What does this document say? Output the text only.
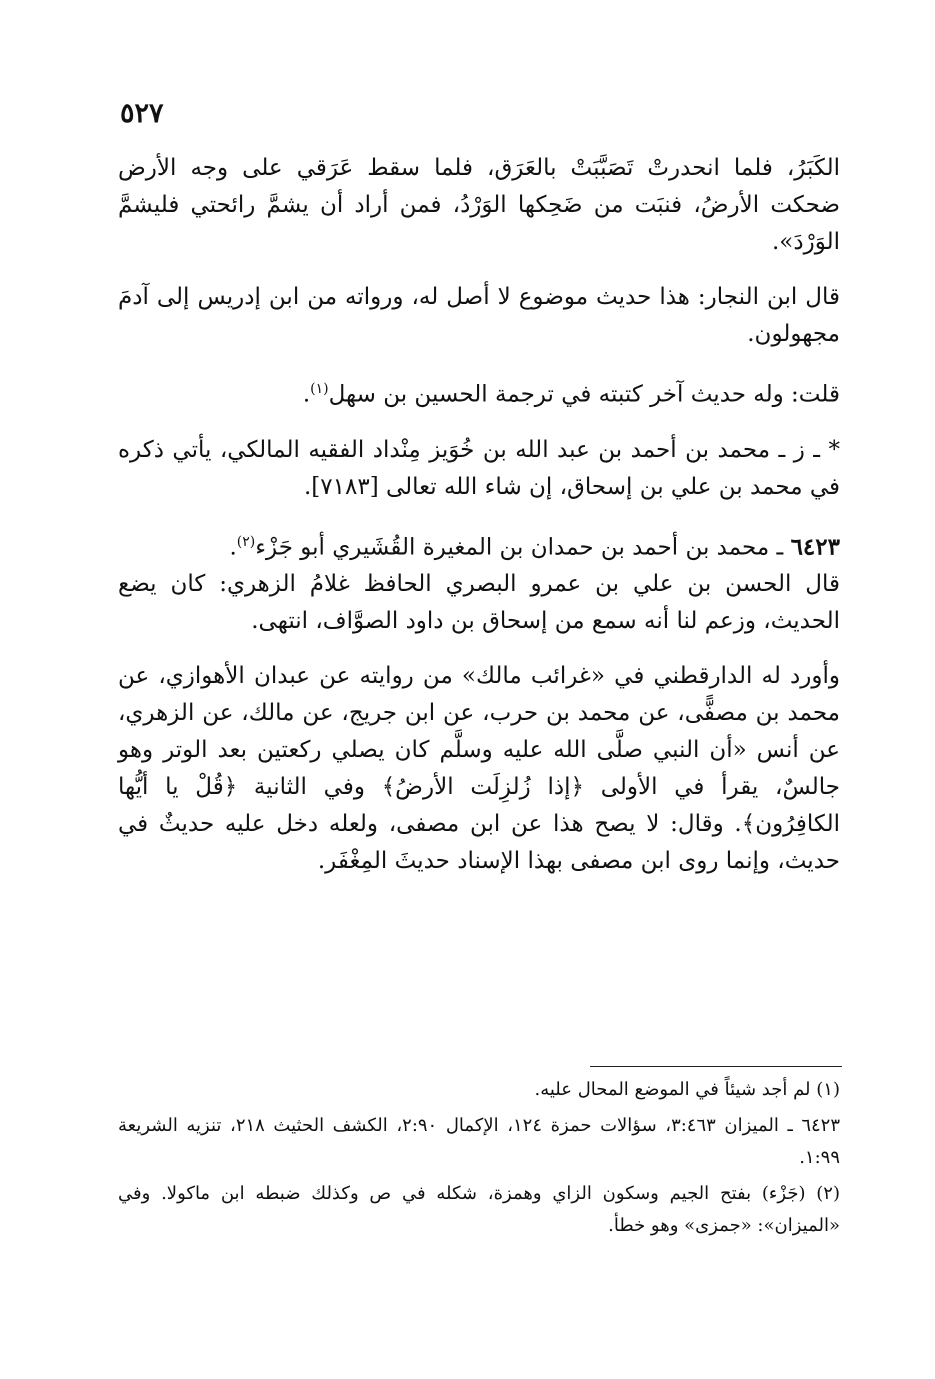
٥٢٧

الكَبَرُ، فلما انحدرتْ تَصَبَّبَتْ بالعَرَق، فلما سقط عَرَقي على وجه الأرض ضحكت الأرضُ، فنبَت من ضَحِكها الوَرْدُ، فمن أراد أن يشمَّ رائحتي فليشمَّ الوَرْدَ».

قال ابن النجار: هذا حديث موضوع لا أصل له، ورواته من ابن إدريس إلى آدمَ مجهولون.

قلت: وله حديث آخر كتبته في ترجمة الحسين بن سهل$^{(١)}$.

* ـ ز ـ محمد بن أحمد بن عبد الله بن خُوَيز مِنْداد الفقيه المالكي، يأتي ذكره في محمد بن علي بن إسحاق، إن شاء الله تعالى [٧١٨٣].

٦٤٢٣ ـ محمد بن أحمد بن حمدان بن المغيرة القُشَيري أبو جَزْء$^{(٢)}$.

قال الحسن بن علي بن عمرو البصري الحافظ غلامُ الزهري: كان يضع الحديث، وزعم لنا أنه سمع من إسحاق بن داود الصوَّاف، انتهى.

وأورد له الدارقطني في «غرائب مالك» من روايته عن عبدان الأهوازي، عن محمد بن مصفًّى، عن محمد بن حرب، عن ابن جريج، عن مالك، عن الزهري، عن أنس «أن النبي صلَّى الله عليه وسلَّم كان يصلي ركعتين بعد الوتر وهو جالسٌ، يقرأ في الأولى ﴿إذا زُلزِلَت الأرضُ﴾ وفي الثانية ﴿قُلْ يا أيُّها الكافِرُون﴾. وقال: لا يصح هذا عن ابن مصفى، ولعله دخل عليه حديثٌ في حديث، وإنما روى ابن مصفى بهذا الإسناد حديثَ المِغْفَر.

(١) لم أجد شيئاً في الموضع المحال عليه.

٦٤٢٣ ـ الميزان ٣:٤٦٣، سؤالات حمزة ١٢٤، الإكمال ٢:٩٠، الكشف الحثيث ٢١٨، تنزيه الشريعة ١:٩٩.

(٢) (جَزْء) بفتح الجيم وسكون الزاي وهمزة، شكله في ص وكذلك ضبطه ابن ماكولا. وفي «الميزان»: «جمزى» وهو خطأ.
